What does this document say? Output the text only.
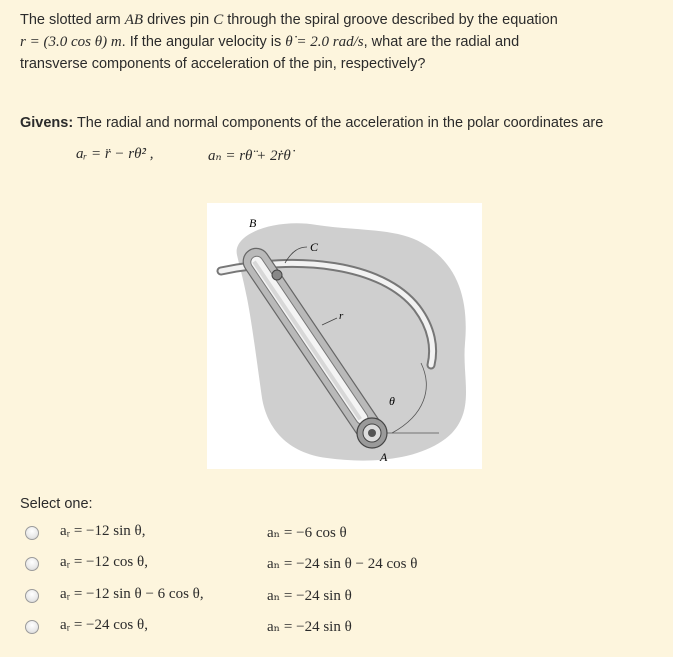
The slotted arm AB drives pin C through the spiral groove described by the equation
r = (3.0 cos θ) m. If the angular velocity is θ̇ = 2.0 rad/s, what are the radial and
transverse components of acceleration of the pin, respectively?
Givens: The radial and normal components of the acceleration in the polar coordinates are
aᵣ = r̈ − rθ̇² ,	aₙ = rθ̈ + 2ṙθ̇
B
C
r
θ
A
Select one:
aᵣ = −12 sin θ,	aₙ = −6 cos θ
aᵣ = −12 cos θ,	aₙ = −24 sin θ − 24 cos θ
aᵣ = −12 sin θ − 6 cos θ,	aₙ = −24 sin θ
aᵣ = −24 cos θ,	aₙ = −24 sin θ
